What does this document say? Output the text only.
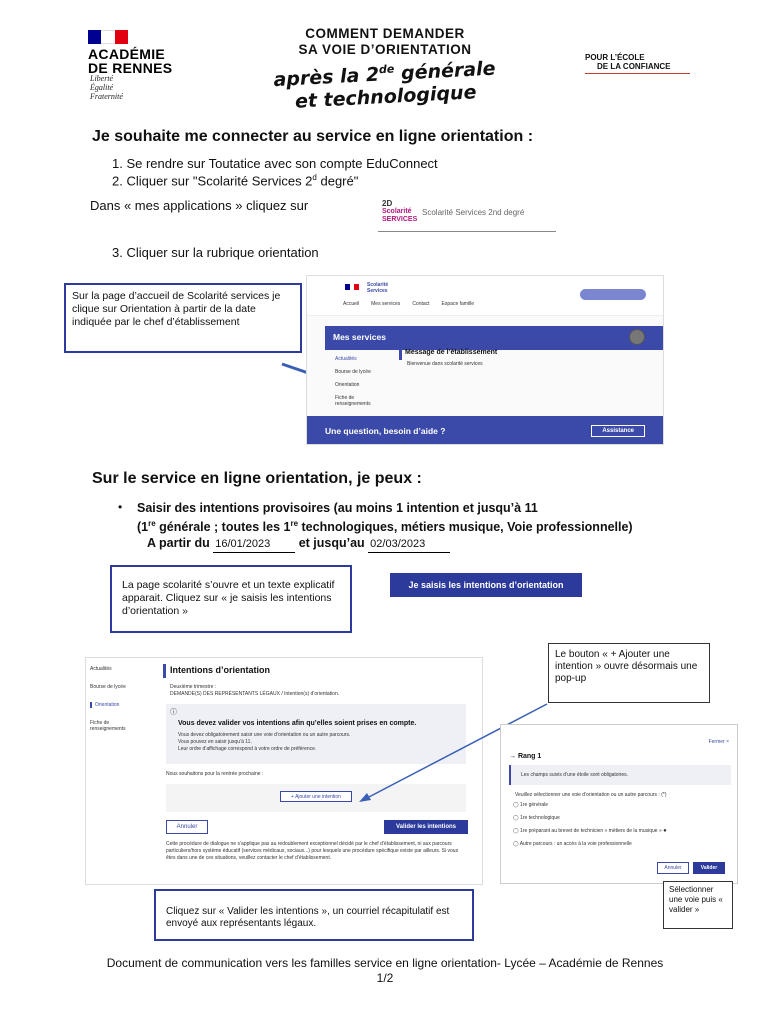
ACADÉMIE
DE RENNES
Liberté
Égalité
Fraternité
COMMENT DEMANDER
SA VOIE D’ORIENTATION
après la 2de générale
et technologique
POUR L’ÉCOLE
DE LA CONFIANCE
Je souhaite me connecter au service en ligne orientation :
1. Se rendre sur Toutatice avec son compte EduConnect
2. Cliquer sur "Scolarité Services 2$^d$ degré"
Dans « mes applications » cliquez sur	2D
Scolarité
SERVICES
Scolarité Services 2nd degré
3. Cliquer sur la rubrique orientation
Sur la page d’accueil de Scolarité services je clique sur Orientation à partir de la date indiquée par le chef d’établissement
Scolarité Services
Accueil Mes services Contact Espace famille
Mes services
Actualités
Bourse de lycée
Orientation
Fiche de renseignements
Message de l’établissement
Bienvenue dans scolarité services
Une question, besoin d’aide ?	Assistance
Sur le service en ligne orientation, je peux :
• Saisir des intentions provisoires (au moins 1 intention et jusqu’à 11
(1re générale ; toutes les 1re technologiques, métiers musique, Voie professionnelle)
A partir du 16/01/2023 et jusqu’au 02/03/2023
La page scolarité s’ouvre et un texte explicatif apparait. Cliquez sur « je saisis les intentions d’orientation »
Je saisis les intentions d’orientation
Le bouton « + Ajouter une intention » ouvre désormais une pop-up
Actualités
Bourse de lycée
Orientation
Fiche de renseignements
Intentions d’orientation
Deuxième trimestre :
DEMANDE(S) DES REPRÉSENTANTS LÉGAUX / Intention(s) d’orientation.
ⓘ
Vous devez valider vos intentions afin qu’elles soient prises en compte.
Vous devez obligatoirement saisir une voie d’orientation ou un autre parcours.
Vous pouvez en saisir jusqu’à 11.
Leur ordre d’affichage correspond à votre ordre de préférence.
Nous souhaitons pour la rentrée prochaine :
+ Ajouter une intention
Annuler	Valider les intentions
Cette procédure de dialogue ne s’applique pas au redoublement exceptionnel décidé par le chef d’établissement, ni aux parcours particuliers/hors système éducatif (services médicaux, sociaux...) pour lesquels une procédure spécifique existe par ailleurs. Si vous êtes dans une de ces situations, veuillez contacter le chef d’établissement.
Fermer ×
→ Rang 1
Les champs suivis d’une étoile sont obligatoires.
Veuillez sélectionner une voie d’orientation ou un autre parcours : (*)
◯ 1re générale
◯ 1re technologique
◯ 1re préparant au brevet de technicien « métiers de la musique » ●
◯ Autre parcours : un accès à la voie professionnelle
Annuler	Valider
Sélectionner une voie puis « valider »
Cliquez sur « Valider les intentions », un courriel récapitulatif est envoyé aux représentants légaux.
Document de communication vers les familles service en ligne orientation- Lycée – Académie de Rennes
1/2
